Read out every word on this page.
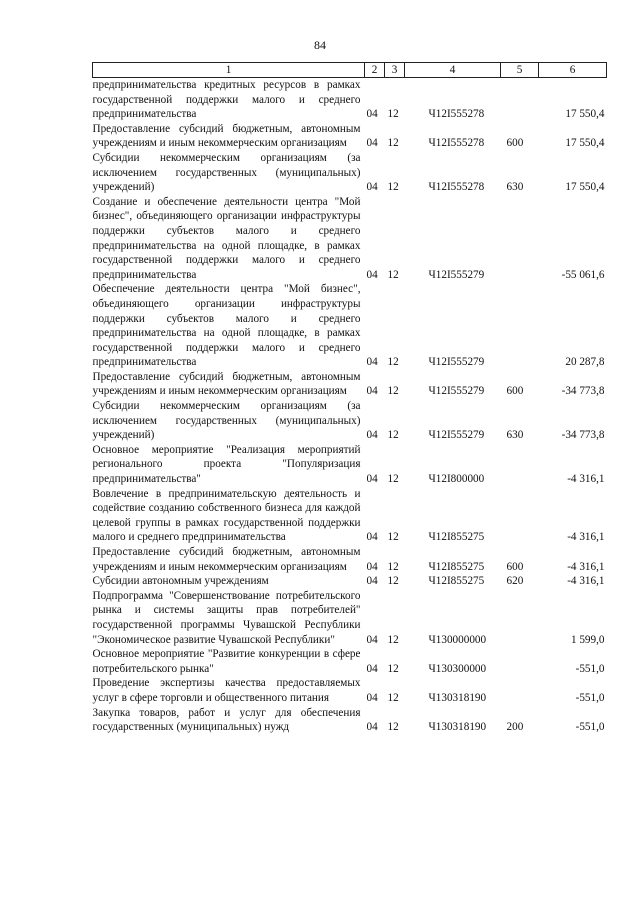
84
1	2	3	4	5	6
предпринимательства кредитных ресурсов в рамках государственной поддержки малого и среднего предпринимательства	04	12	Ч12I555278		17 550,4
Предоставление субсидий бюджетным, автономным учреждениям и иным некоммерческим организациям	04	12	Ч12I555278	600	17 550,4
Субсидии некоммерческим организациям (за исключением государственных (муниципальных) учреждений)	04	12	Ч12I555278	630	17 550,4
Создание и обеспечение деятельности центра "Мой бизнес", объединяющего организации инфраструктуры поддержки субъектов малого и среднего предпринимательства на одной площадке, в рамках государственной поддержки малого и среднего предпринимательства	04	12	Ч12I555279		-55 061,6
Обеспечение деятельности центра "Мой бизнес", объединяющего организации инфраструктуры поддержки субъектов малого и среднего предпринимательства на одной площадке, в рамках государственной поддержки малого и среднего предпринимательства	04	12	Ч12I555279		20 287,8
Предоставление субсидий бюджетным, автономным учреждениям и иным некоммерческим организациям	04	12	Ч12I555279	600	-34 773,8
Субсидии некоммерческим организациям (за исключением государственных (муниципальных) учреждений)	04	12	Ч12I555279	630	-34 773,8
Основное мероприятие "Реализация мероприятий регионального проекта "Популяризация предпринимательства"	04	12	Ч12I800000		-4 316,1
Вовлечение в предпринимательскую деятельность и содействие созданию собственного бизнеса для каждой целевой группы в рамках государственной поддержки малого и среднего предпринимательства	04	12	Ч12I855275		-4 316,1
Предоставление субсидий бюджетным, автономным учреждениям и иным некоммерческим организациям	04	12	Ч12I855275	600	-4 316,1
Субсидии автономным учреждениям	04	12	Ч12I855275	620	-4 316,1
Подпрограмма "Совершенствование потребительского рынка и системы защиты прав потребителей" государственной программы Чувашской Республики "Экономическое развитие Чувашской Республики"	04	12	Ч130000000		1 599,0
Основное мероприятие "Развитие конкуренции в сфере потребительского рынка"	04	12	Ч130300000		-551,0
Проведение экспертизы качества предоставляемых услуг в сфере торговли и общественного питания	04	12	Ч130318190		-551,0
Закупка товаров, работ и услуг для обеспечения государственных (муниципальных) нужд	04	12	Ч130318190	200	-551,0
